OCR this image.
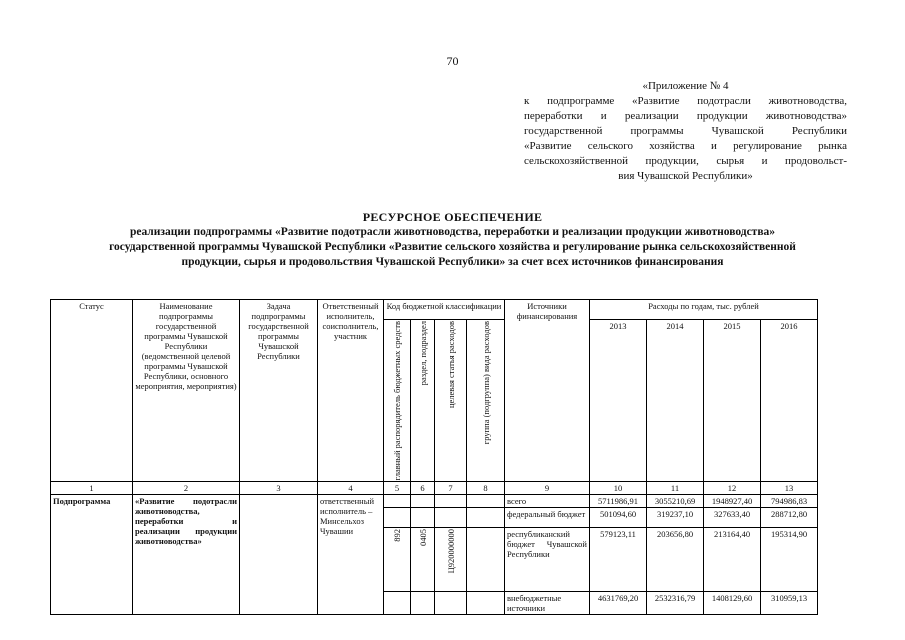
70
«Приложение № 4
к подпрограмме «Развитие подотрасли животноводства,
переработки и реализации продукции животноводства»
государственной программы Чувашской Республики
«Развитие сельского хозяйства и регулирование рынка
сельскохозяйственной продукции, сырья и продовольст-
вия Чувашской Республики»
РЕСУРСНОЕ ОБЕСПЕЧЕНИЕ
реализации подпрограммы «Развитие подотрасли животноводства, переработки и реализации продукции животноводства»
государственной программы Чувашской Республики «Развитие сельского хозяйства и регулирование рынка сельскохозяйственной
продукции, сырья и продовольствия Чувашской Республики» за счет всех источников финансирования
Статус	Наименование подпрограммы государственной программы Чувашской Республики (ведомственной целевой программы Чувашской Республики, основного мероприятия, мероприятия)	Задача подпрограммы государственной программы Чувашской Республики	Ответственный исполнитель, соисполнитель, участник	Код бюджетной классификации				Источники финансирования	Расходы по годам, тыс. рублей			

				главный распорядитель бюджетных средств	раздел, подраздел	целевая статья расходов	группа (подгруппа) вида расходов		2013	2014	2015	2016
1	2	3	4	5	6	7	8	9	10	11	12	13
Подпрограмма	«Развитие подотрасли животноводства, переработки и реализации продукции животноводства»		ответственный исполнитель – Минсельхоз Чувашии					всего	5711986,91	3055210,69	1948927,40	794986,83
								федеральный бюджет	501094,60	319237,10	327633,40	288712,80

				892	0405	Ц920000000		республиканский бюджет Чувашской Республики	579123,11	203656,80	213164,40	195314,90
								внебюджетные источники	4631769,20	2532316,79	1408129,60	310959,13
